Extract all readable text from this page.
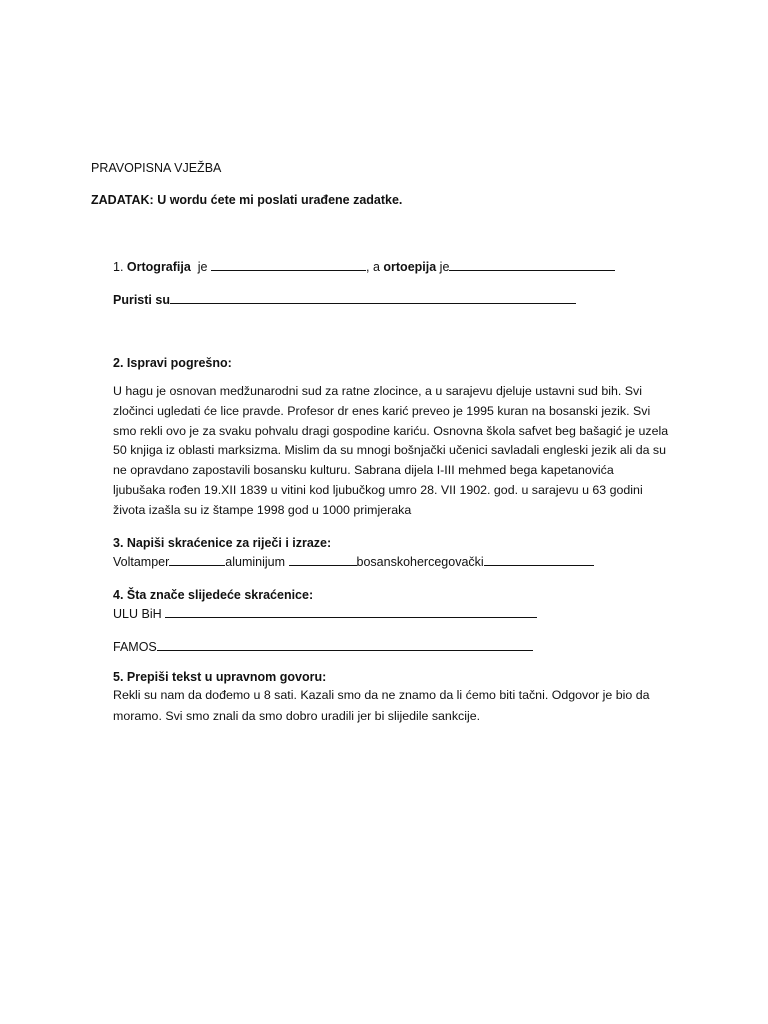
PRAVOPISNA VJEŽBA
ZADATAK: U wordu ćete mi poslati urađene zadatke.
1. Ortografija je	, a ortoepija je
Puristi su
2. Ispravi pogrešno:
U hagu je osnovan medžunarodni sud za ratne zlocince, a u sarajevu djeluje ustavni sud bih. Svi
zločinci ugledati će lice pravde. Profesor dr enes karić preveo je 1995 kuran na bosanski jezik. Svi
smo rekli ovo je za svaku pohvalu dragi gospodine kariću. Osnovna škola safvet beg bašagić je uzela
50 knjiga iz oblasti marksizma. Mislim da su mnogi bošnjački učenici savladali engleski jezik ali da su
ne opravdano zapostavili bosansku kulturu. Sabrana dijela I-III mehmed bega kapetanovića
ljubušaka rođen 19.XII 1839 u vitini kod ljubučkog umro 28. VII 1902. god. u sarajevu u 63 godini
života izašla su iz štampe 1998 god u 1000 primjeraka
3. Napiši skraćenice za riječi i izraze:
Voltamper	aluminijum	bosanskohercegovački
4. Šta znače slijedeće skraćenice:
ULU BiH
FAMOS
5. Prepiši tekst u upravnom govoru:
Rekli su nam da dođemo u 8 sati. Kazali smo da ne znamo da li ćemo biti tačni. Odgovor je bio da
moramo. Svi smo znali da smo dobro uradili jer bi slijedile sankcije.
